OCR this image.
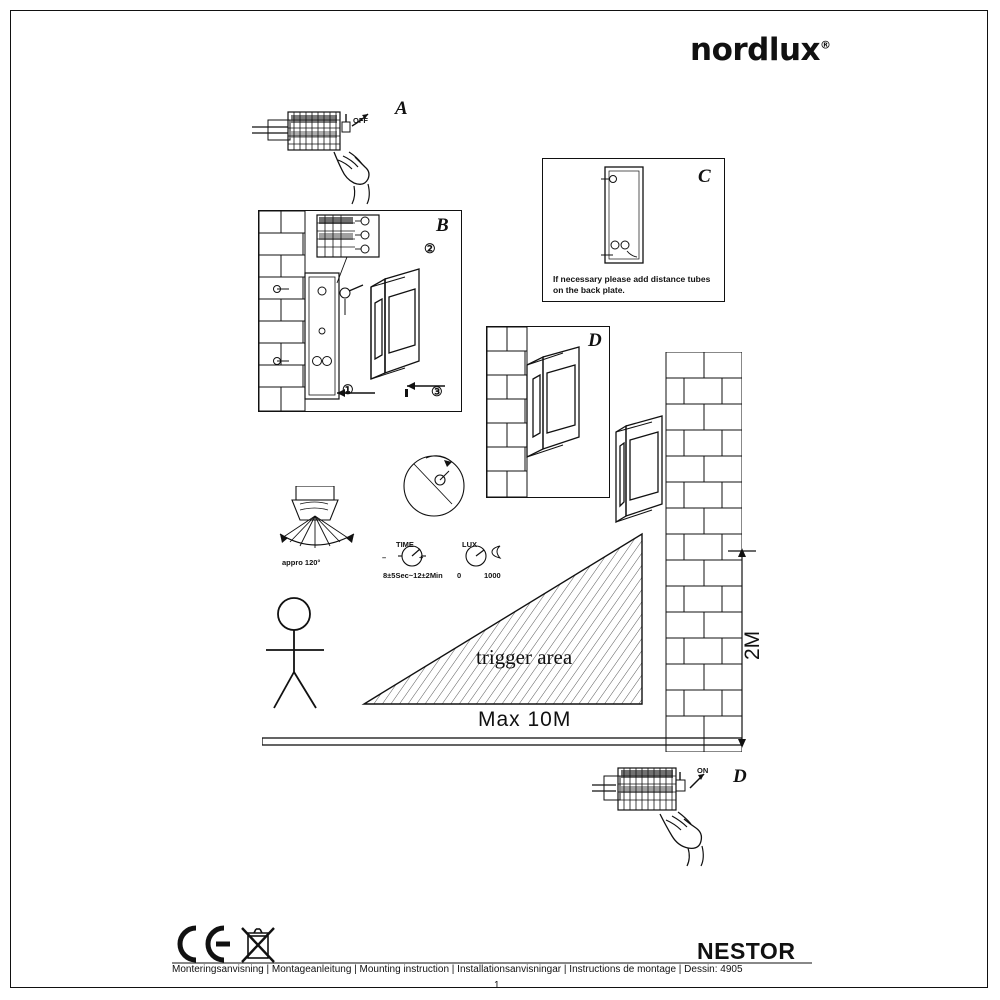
nordlux®
OFF
A
B
①
②
③
C
If necessary please add distance tubes
on the back plate.
D
2M
appro 120°
TIME
–	+
8±5Sec~12±2Min
LUX
0	1000
trigger area
Max 10M
ON D
NESTOR
Monteringsanvisning | Montageanleitung | Mounting instruction | Installationsanvisningar | Instructions de montage | Dessin: 4905
1
